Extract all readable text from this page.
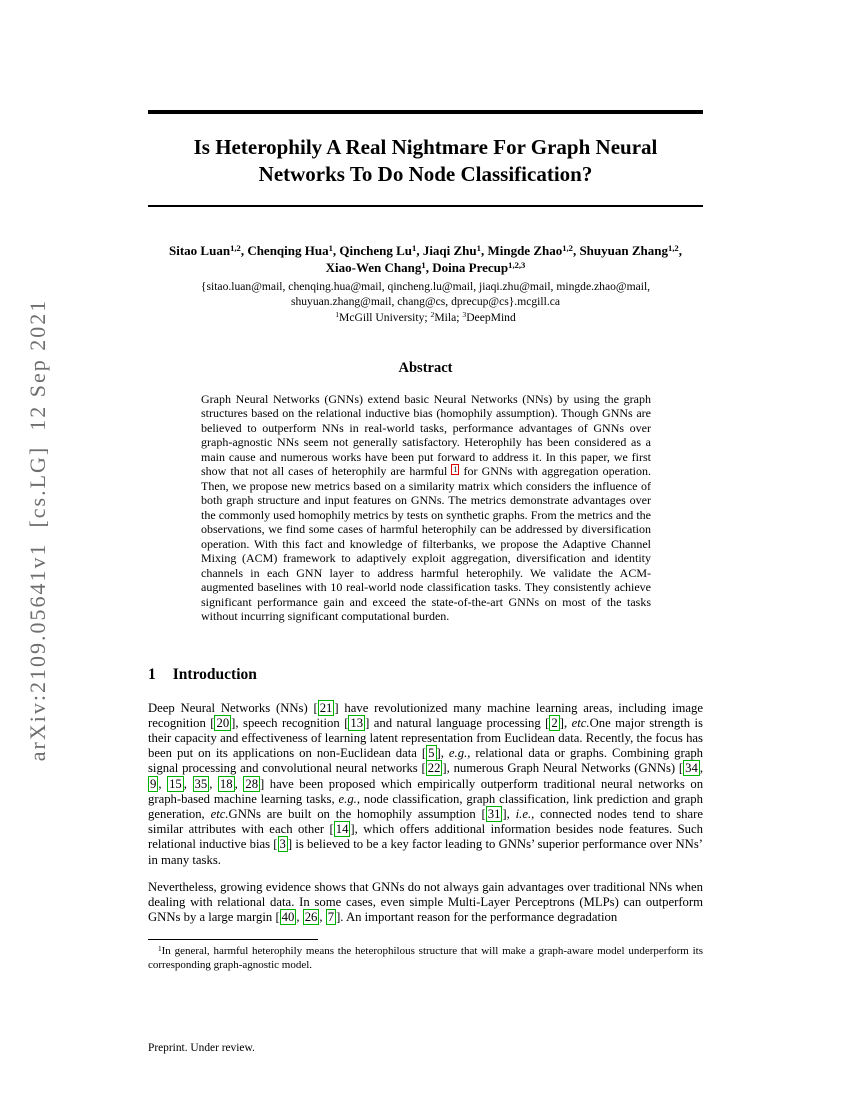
arXiv:2109.05641v1  [cs.LG]  12 Sep 2021
Is Heterophily A Real Nightmare For Graph Neural Networks To Do Node Classification?
Sitao Luan$^{1,2}$, Chenqing Hua$^1$, Qincheng Lu$^1$, Jiaqi Zhu$^1$, Mingde Zhao$^{1,2}$, Shuyuan Zhang$^{1,2}$,
Xiao-Wen Chang$^1$, Doina Precup$^{1,2,3}$
{sitao.luan@mail, chenqing.hua@mail, qincheng.lu@mail, jiaqi.zhu@mail, mingde.zhao@mail,
shuyuan.zhang@mail, chang@cs, dprecup@cs}.mcgill.ca
$^1$McGill University; $^2$Mila; $^3$DeepMind
Abstract
Graph Neural Networks (GNNs) extend basic Neural Networks (NNs) by using the graph structures based on the relational inductive bias (homophily assumption). Though GNNs are believed to outperform NNs in real-world tasks, performance advantages of GNNs over graph-agnostic NNs seem not generally satisfactory. Heterophily has been considered as a main cause and numerous works have been put forward to address it. In this paper, we first show that not all cases of heterophily are harmful $^1$ for GNNs with aggregation operation. Then, we propose new metrics based on a similarity matrix which considers the influence of both graph structure and input features on GNNs. The metrics demonstrate advantages over the commonly used homophily metrics by tests on synthetic graphs. From the metrics and the observations, we find some cases of harmful heterophily can be addressed by diversification operation. With this fact and knowledge of filterbanks, we propose the Adaptive Channel Mixing (ACM) framework to adaptively exploit aggregation, diversification and identity channels in each GNN layer to address harmful heterophily. We validate the ACM-augmented baselines with 10 real-world node classification tasks. They consistently achieve significant performance gain and exceed the state-of-the-art GNNs on most of the tasks without incurring significant computational burden.
1 Introduction
Deep Neural Networks (NNs) [ 21 ] have revolutionized many machine learning areas, including image recognition [ 20 ], speech recognition [ 13 ] and natural language processing [ 2 ], etc.One major strength is their capacity and effectiveness of learning latent representation from Euclidean data. Recently, the focus has been put on its applications on non-Euclidean data [ 5 ], e.g., relational data or graphs. Combining graph signal processing and convolutional neural networks [ 22 ], numerous Graph Neural Networks (GNNs) [ 34 , 9 , 15 , 35 , 18 , 28 ] have been proposed which empirically outperform traditional neural networks on graph-based machine learning tasks, e.g., node classification, graph classification, link prediction and graph generation, etc.GNNs are built on the homophily assumption [ 31 ], i.e., connected nodes tend to share similar attributes with each other [ 14 ], which offers additional information besides node features. Such relational inductive bias [ 3 ] is believed to be a key factor leading to GNNs’ superior performance over NNs’ in many tasks.
Nevertheless, growing evidence shows that GNNs do not always gain advantages over traditional NNs when dealing with relational data. In some cases, even simple Multi-Layer Perceptrons (MLPs) can outperform GNNs by a large margin [ 40 , 26 , 7 ]. An important reason for the performance degradation
$^1$In general, harmful heterophily means the heterophilous structure that will make a graph-aware model underperform its corresponding graph-agnostic model.
Preprint. Under review.
